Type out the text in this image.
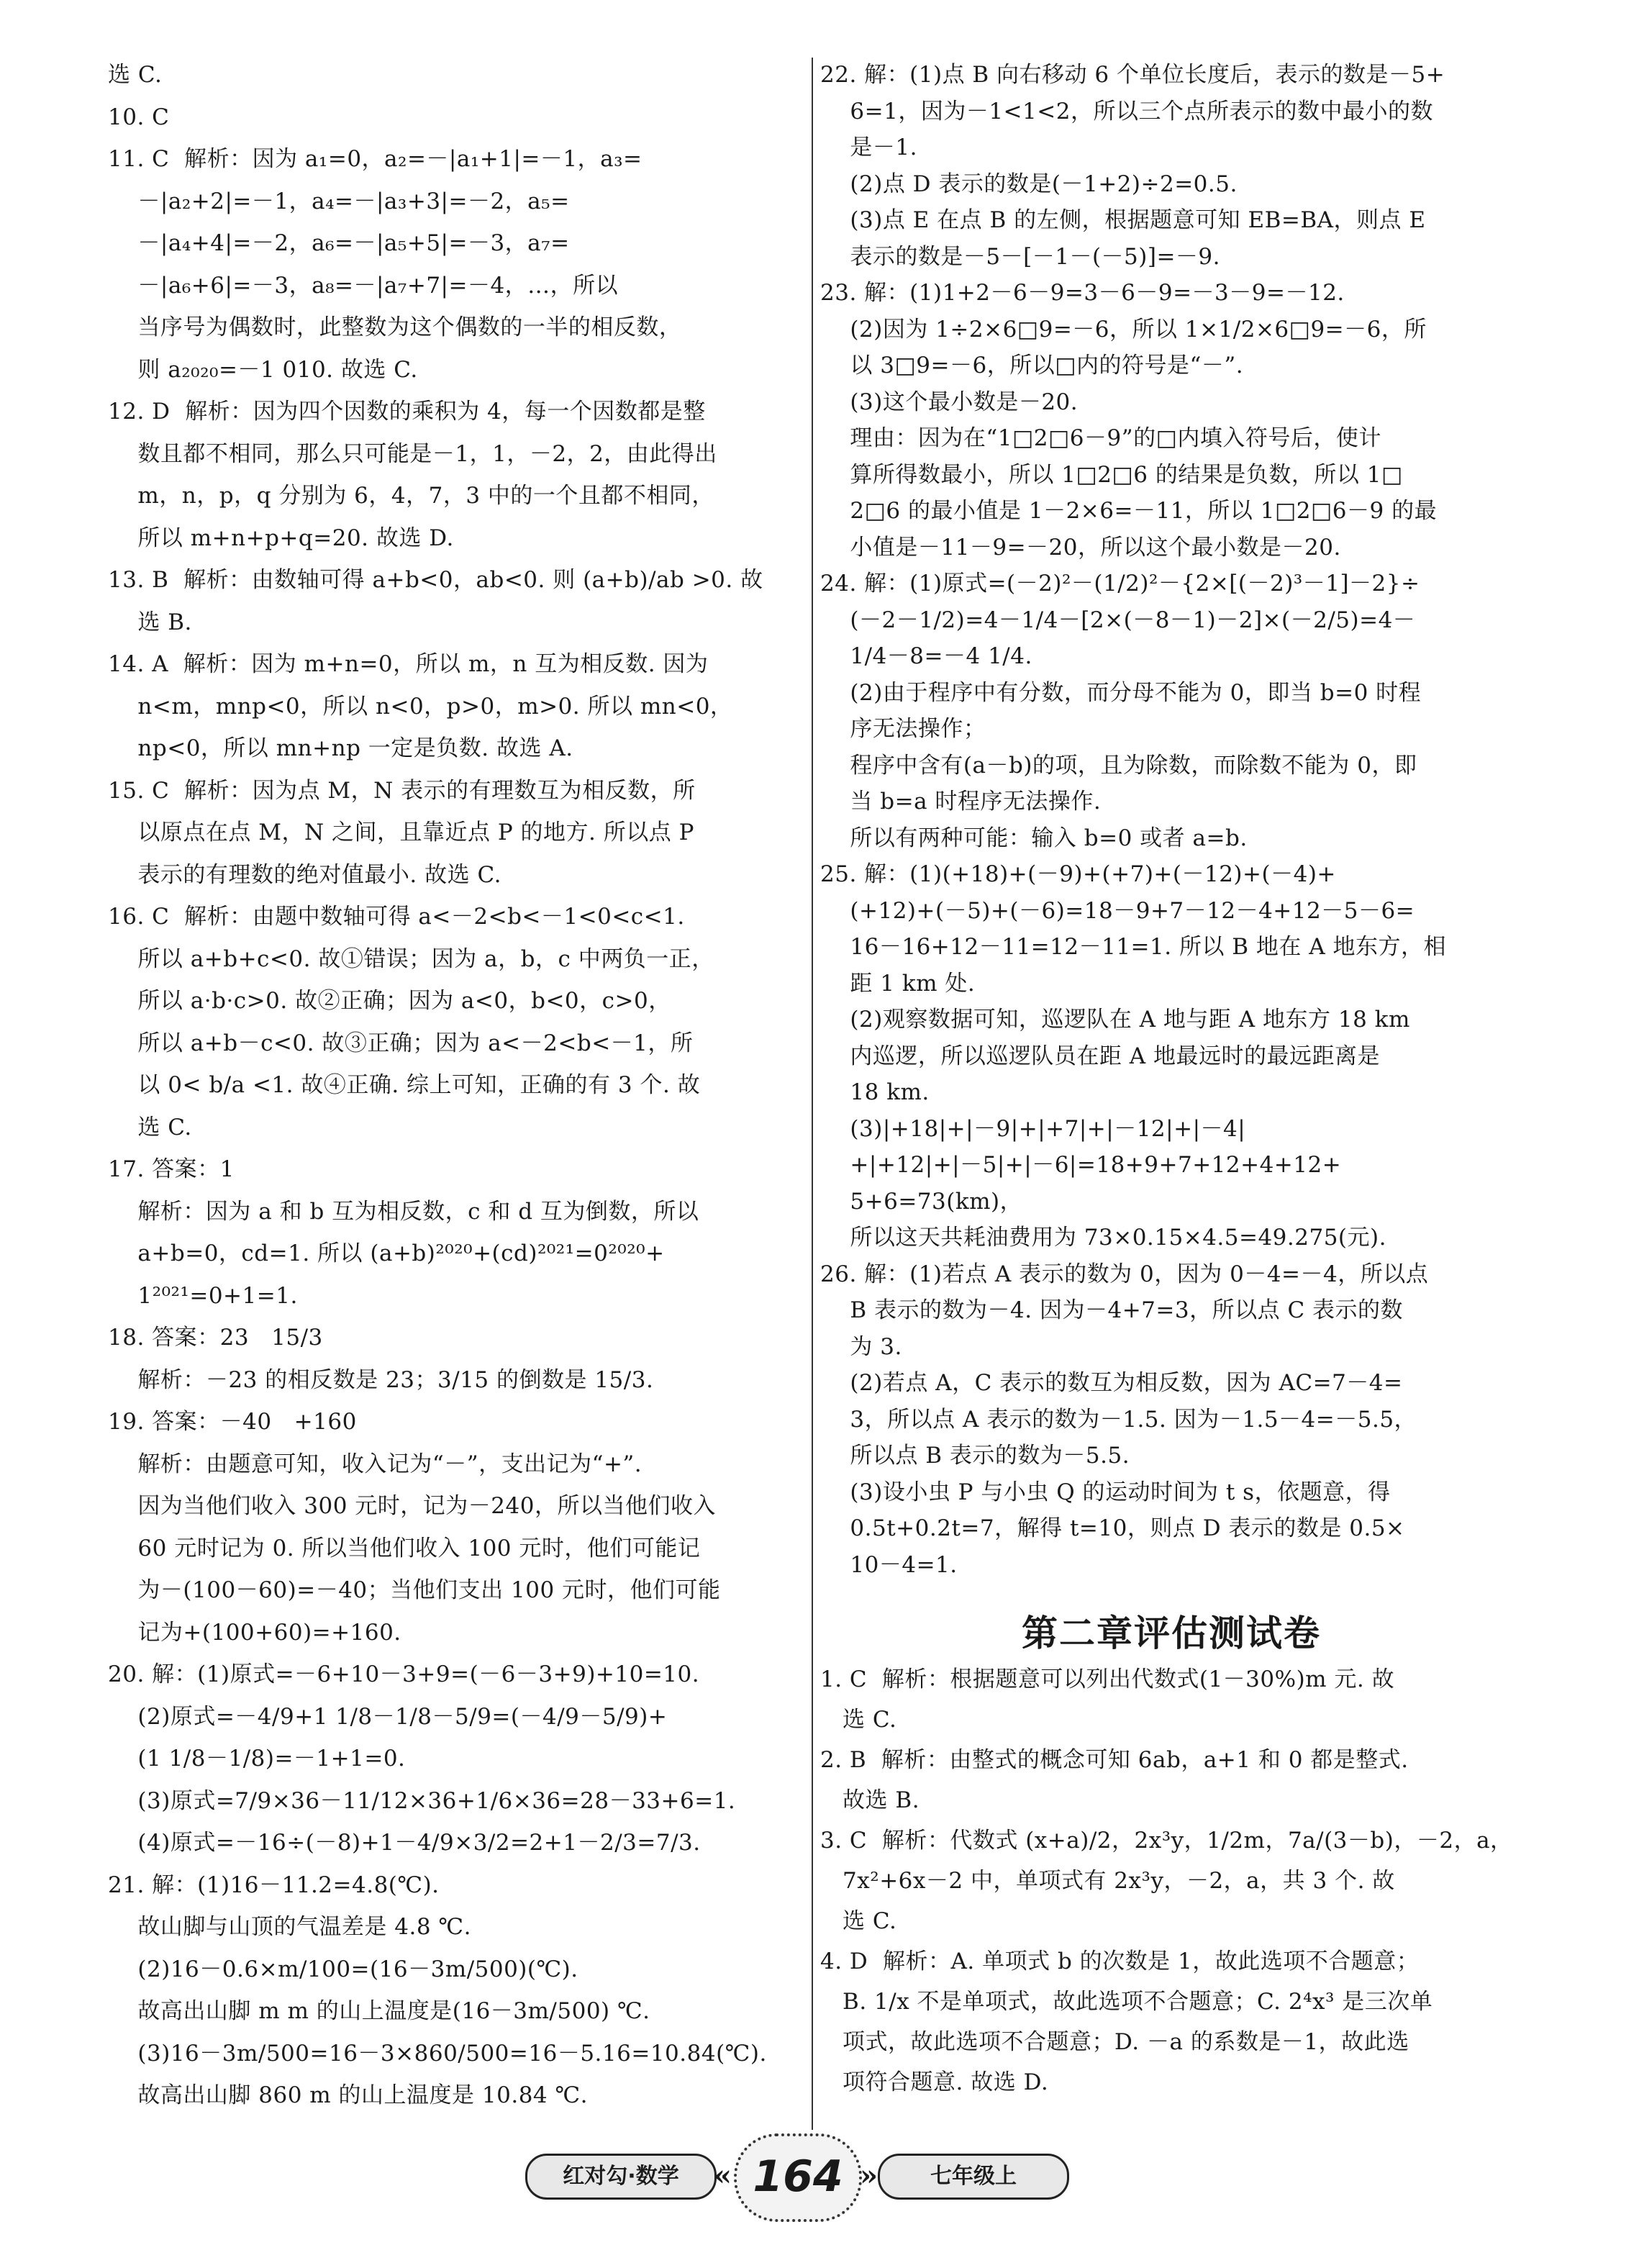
选 C.
10. C
11. C  解析：因为 a₁=0，a₂=－|a₁+1|=－1，a₃=
－|a₂+2|=－1，a₄=－|a₃+3|=－2，a₅=
－|a₄+4|=－2，a₆=－|a₅+5|=－3，a₇=
－|a₆+6|=－3，a₈=－|a₇+7|=－4，…，所以
当序号为偶数时，此整数为这个偶数的一半的相反数，
则 a₂₀₂₀=－1 010. 故选 C.
12. D  解析：因为四个因数的乘积为 4，每一个因数都是整
数且都不相同，那么只可能是－1，1，－2，2，由此得出
m，n，p，q 分别为 6，4，7，3 中的一个且都不相同，
所以 m+n+p+q=20. 故选 D.
13. B  解析：由数轴可得 a+b<0，ab<0. 则 (a+b)/ab >0. 故
选 B.
14. A  解析：因为 m+n=0，所以 m，n 互为相反数. 因为
n<m，mnp<0，所以 n<0，p>0，m>0. 所以 mn<0，
np<0，所以 mn+np 一定是负数. 故选 A.
15. C  解析：因为点 M，N 表示的有理数互为相反数，所
以原点在点 M，N 之间，且靠近点 P 的地方. 所以点 P
表示的有理数的绝对值最小. 故选 C.
16. C  解析：由题中数轴可得 a<－2<b<－1<0<c<1.
所以 a+b+c<0. 故①错误；因为 a，b，c 中两负一正，
所以 a·b·c>0. 故②正确；因为 a<0，b<0，c>0，
所以 a+b－c<0. 故③正确；因为 a<－2<b<－1，所
以 0< b/a <1. 故④正确. 综上可知，正确的有 3 个. 故
选 C.
17. 答案：1
解析：因为 a 和 b 互为相反数，c 和 d 互为倒数，所以
a+b=0，cd=1. 所以 (a+b)²⁰²⁰+(cd)²⁰²¹=0²⁰²⁰+
1²⁰²¹=0+1=1.
18. 答案：23   15/3
解析：－23 的相反数是 23；3/15 的倒数是 15/3.
19. 答案：－40   +160
解析：由题意可知，收入记为“－”，支出记为“+”.
因为当他们收入 300 元时，记为－240，所以当他们收入
60 元时记为 0. 所以当他们收入 100 元时，他们可能记
为－(100－60)=－40；当他们支出 100 元时，他们可能
记为+(100+60)=+160.
20. 解：(1)原式=－6+10－3+9=(－6－3+9)+10=10.
(2)原式=－4/9+1 1/8－1/8－5/9=(－4/9－5/9)+
(1 1/8－1/8)=－1+1=0.
(3)原式=7/9×36－11/12×36+1/6×36=28－33+6=1.
(4)原式=－16÷(－8)+1－4/9×3/2=2+1－2/3=7/3.
21. 解：(1)16－11.2=4.8(℃).
故山脚与山顶的气温差是 4.8 ℃.
(2)16－0.6×m/100=(16－3m/500)(℃).
故高出山脚 m m 的山上温度是(16－3m/500) ℃.
(3)16－3m/500=16－3×860/500=16－5.16=10.84(℃).
故高出山脚 860 m 的山上温度是 10.84 ℃.
22. 解：(1)点 B 向右移动 6 个单位长度后，表示的数是－5+
6=1，因为－1<1<2，所以三个点所表示的数中最小的数
是－1.
(2)点 D 表示的数是(－1+2)÷2=0.5.
(3)点 E 在点 B 的左侧，根据题意可知 EB=BA，则点 E
表示的数是－5－[－1－(－5)]=－9.
23. 解：(1)1+2－6－9=3－6－9=－3－9=－12.
(2)因为 1÷2×6□9=－6，所以 1×1/2×6□9=－6，所
以 3□9=－6，所以□内的符号是“－”.
(3)这个最小数是－20.
理由：因为在“1□2□6－9”的□内填入符号后，使计
算所得数最小，所以 1□2□6 的结果是负数，所以 1□
2□6 的最小值是 1－2×6=－11，所以 1□2□6－9 的最
小值是－11－9=－20，所以这个最小数是－20.
24. 解：(1)原式=(－2)²－(1/2)²－{2×[(－2)³－1]－2}÷
(－2－1/2)=4－1/4－[2×(－8－1)－2]×(－2/5)=4－
1/4－8=－4 1/4.
(2)由于程序中有分数，而分母不能为 0，即当 b=0 时程
序无法操作；
程序中含有(a－b)的项，且为除数，而除数不能为 0，即
当 b=a 时程序无法操作.
所以有两种可能：输入 b=0 或者 a=b.
25. 解：(1)(+18)+(－9)+(+7)+(－12)+(－4)+
(+12)+(－5)+(－6)=18－9+7－12－4+12－5－6=
16－16+12－11=12－11=1. 所以 B 地在 A 地东方，相
距 1 km 处.
(2)观察数据可知，巡逻队在 A 地与距 A 地东方 18 km
内巡逻，所以巡逻队员在距 A 地最远时的最远距离是
18 km.
(3)|+18|+|－9|+|+7|+|－12|+|－4|
+|+12|+|－5|+|－6|=18+9+7+12+4+12+
5+6=73(km)，
所以这天共耗油费用为 73×0.15×4.5=49.275(元).
26. 解：(1)若点 A 表示的数为 0，因为 0－4=－4，所以点
B 表示的数为－4. 因为－4+7=3，所以点 C 表示的数
为 3.
(2)若点 A，C 表示的数互为相反数，因为 AC=7－4=
3，所以点 A 表示的数为－1.5. 因为－1.5－4=－5.5，
所以点 B 表示的数为－5.5.
(3)设小虫 P 与小虫 Q 的运动时间为 t s，依题意，得
0.5t+0.2t=7，解得 t=10，则点 D 表示的数是 0.5×
10－4=1.
第二章评估测试卷
1. C  解析：根据题意可以列出代数式(1－30%)m 元. 故
选 C.
2. B  解析：由整式的概念可知 6ab，a+1 和 0 都是整式.
故选 B.
3. C  解析：代数式 (x+a)/2，2x³y，1/2m，7a/(3－b)，－2，a，
7x²+6x－2 中，单项式有 2x³y，－2，a，共 3 个. 故
选 C.
4. D  解析：A. 单项式 b 的次数是 1，故此选项不合题意；
B. 1/x 不是单项式，故此选项不合题意；C. 2⁴x³ 是三次单
项式，故此选项不合题意；D. －a 的系数是－1，故此选
项符合题意. 故选 D.
红对勾·数学	« 164 »	七年级上
